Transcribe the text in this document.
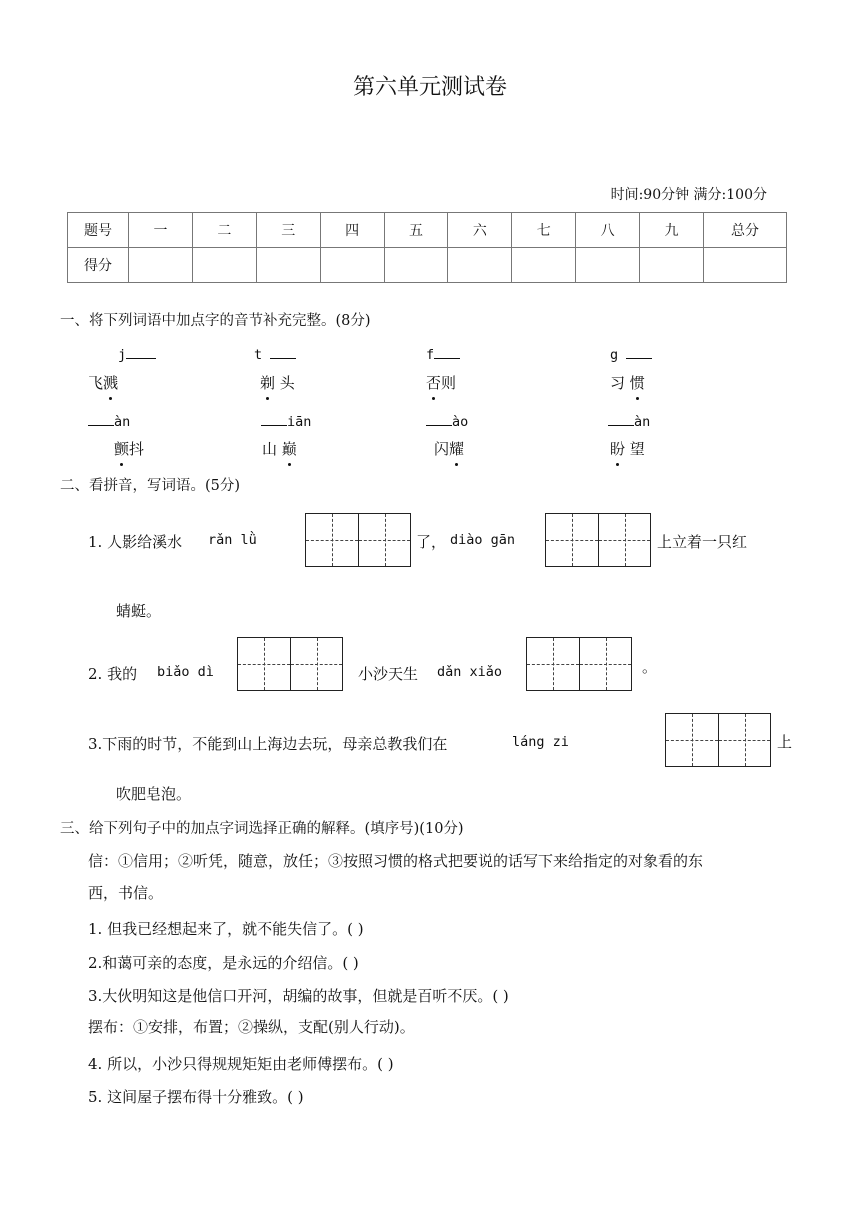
第六单元测试卷
时间:90分钟 满分:100分
题号	一	二	三	四	五	六	七	八	九	总分
得分										
一、将下列词语中加点字的音节补充完整。(8分)
j	t	f	g
飞溅	剃 头	否则	习 惯
àn	iān	ào	àn
颤抖	山 巅	闪耀	盼 望
二、看拼音，写词语。(5分)
1. 人影给溪水 rǎn lǜ	了， diào gān	上立着一只红
蜻蜓。
2. 我的 biǎo dì	小沙天生 dǎn xiǎo	。
3.下雨的时节，不能到山上海边去玩，母亲总教我们在	láng zi	上
吹肥皂泡。
三、给下列句子中的加点字词选择正确的解释。(填序号)(10分)
信：①信用；②听凭，随意，放任；③按照习惯的格式把要说的话写下来给指定的对象看的东
西，书信。
1. 但我已经想起来了，就不能失信了。( )
2.和蔼可亲的态度，是永远的介绍信。( )
3.大伙明知这是他信口开河，胡编的故事，但就是百听不厌。( )
摆布：①安排，布置；②操纵，支配(别人行动)。
4. 所以，小沙只得规规矩矩由老师傅摆布。( )
5. 这间屋子摆布得十分雅致。( )
